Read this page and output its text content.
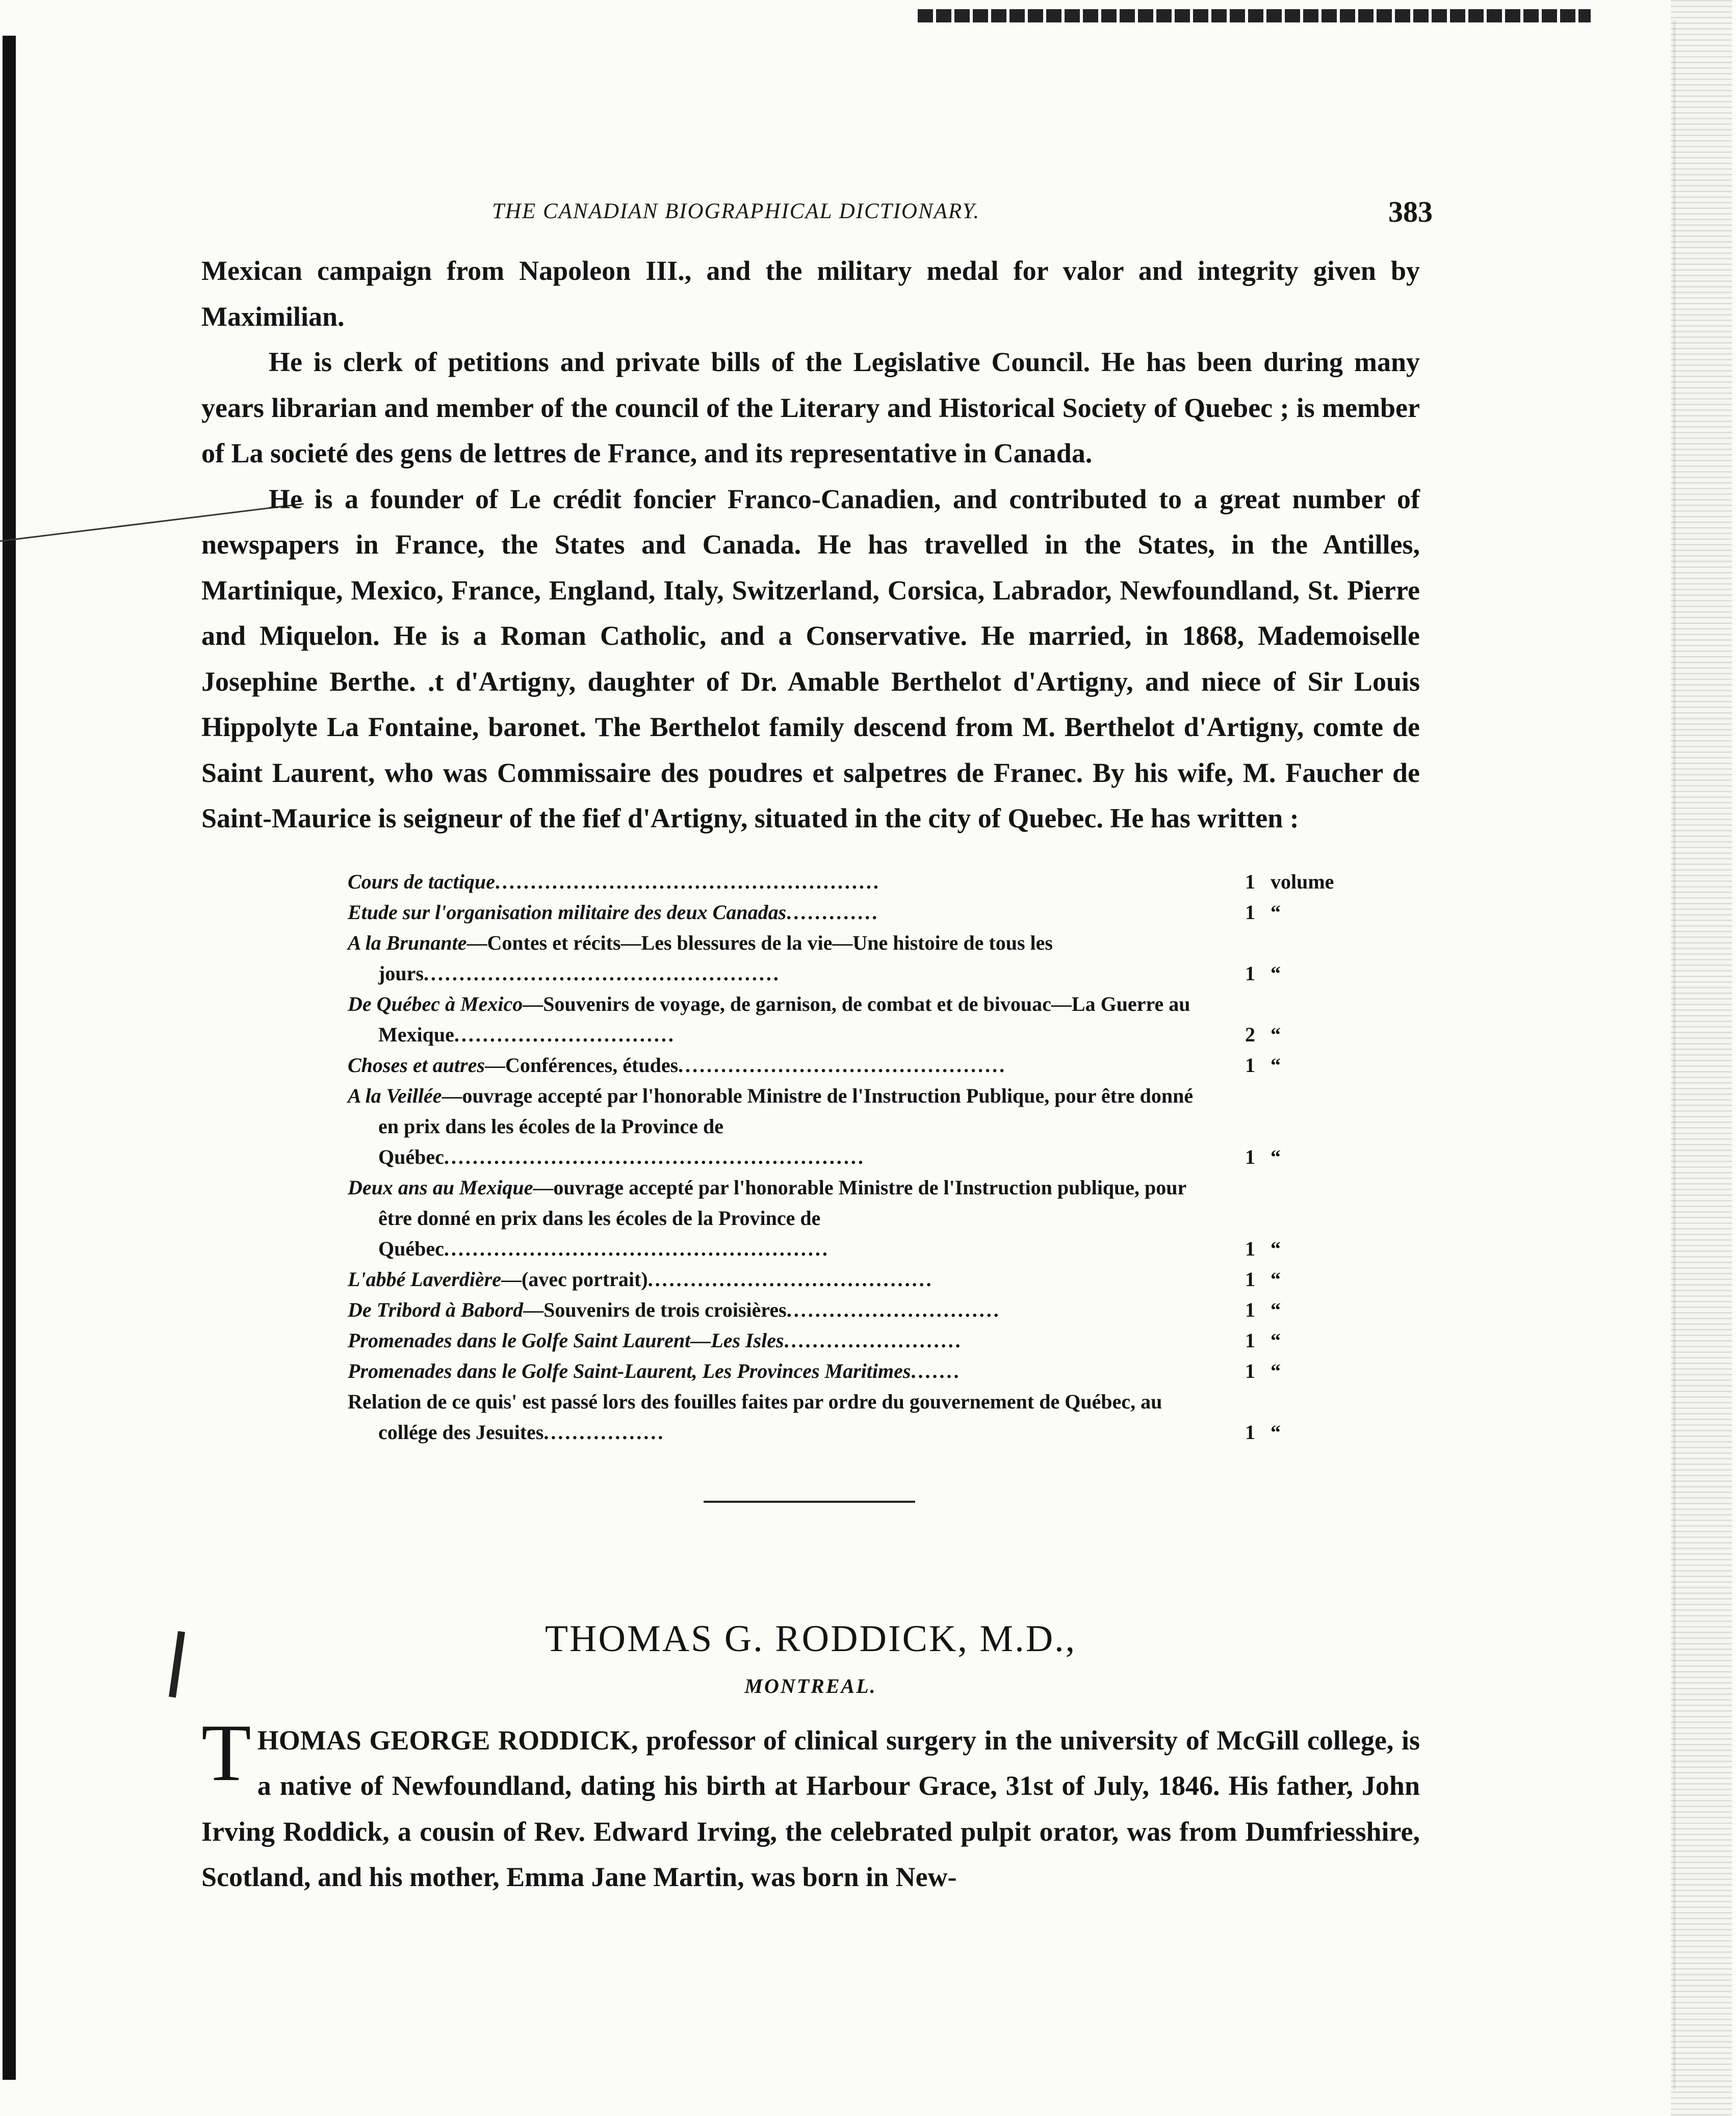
THE CANADIAN BIOGRAPHICAL DICTIONARY.	383

Mexican campaign from Napoleon III., and the military medal for valor and integrity given by Maximilian.

He is clerk of petitions and private bills of the Legislative Council. He has been during many years librarian and member of the council of the Literary and Historical Society of Quebec ; is member of La societé des gens de lettres de France, and its representative in Canada.

He is a founder of Le crédit foncier Franco-Canadien, and contributed to a great number of newspapers in France, the States and Canada. He has travelled in the States, in the Antilles, Martinique, Mexico, France, England, Italy, Switzerland, Corsica, Labrador, Newfoundland, St. Pierre and Miquelon. He is a Roman Catholic, and a Conservative. He married, in 1868, Mademoiselle Josephine Berthe. .t d'Artigny, daughter of Dr. Amable Berthelot d'Artigny, and niece of Sir Louis Hippolyte La Fontaine, baronet. The Berthelot family descend from M. Berthelot d'Artigny, comte de Saint Laurent, who was Commissaire des poudres et salpetres de Franec. By his wife, M. Faucher de Saint-Maurice is seigneur of the fief d'Artigny, situated in the city of Quebec. He has written :

Cours de tactique......................................................	1 volume
Etude sur l'organisation militaire des deux Canadas.............	1 “
A la Brunante—Contes et récits—Les blessures de la vie—Une histoire de tous les jours..................................................	1 “
De Québec à Mexico—Souvenirs de voyage, de garnison, de combat et de bivouac—La Guerre au Mexique...............................	2 “
Choses et autres—Conférences, études..............................................	1 “
A la Veillée—ouvrage accepté par l'honorable Ministre de l'Instruction Publique, pour être donné en prix dans les écoles de la Province de Québec...........................................................	1 “
Deux ans au Mexique—ouvrage accepté par l'honorable Ministre de l'Instruction publique, pour être donné en prix dans les écoles de la Province de Québec......................................................	1 “
L'abbé Laverdière—(avec portrait)........................................	1 “
De Tribord à Babord—Souvenirs de trois croisières..............................	1 “
Promenades dans le Golfe Saint Laurent—Les Isles.........................	1 “
Promenades dans le Golfe Saint-Laurent, Les Provinces Maritimes.......	1 “
Relation de ce quis' est passé lors des fouilles faites par ordre du gouvernement de Québec, au collége des Jesuites.................	1 “
THOMAS G. RODDICK, M.D.,
MONTREAL.
THOMAS GEORGE RODDICK, professor of clinical surgery in the university of McGill college, is a native of Newfoundland, dating his birth at Harbour Grace, 31st of July, 1846. His father, John Irving Roddick, a cousin of Rev. Edward Irving, the celebrated pulpit orator, was from Dumfriesshire, Scotland, and his mother, Emma Jane Martin, was born in New-
